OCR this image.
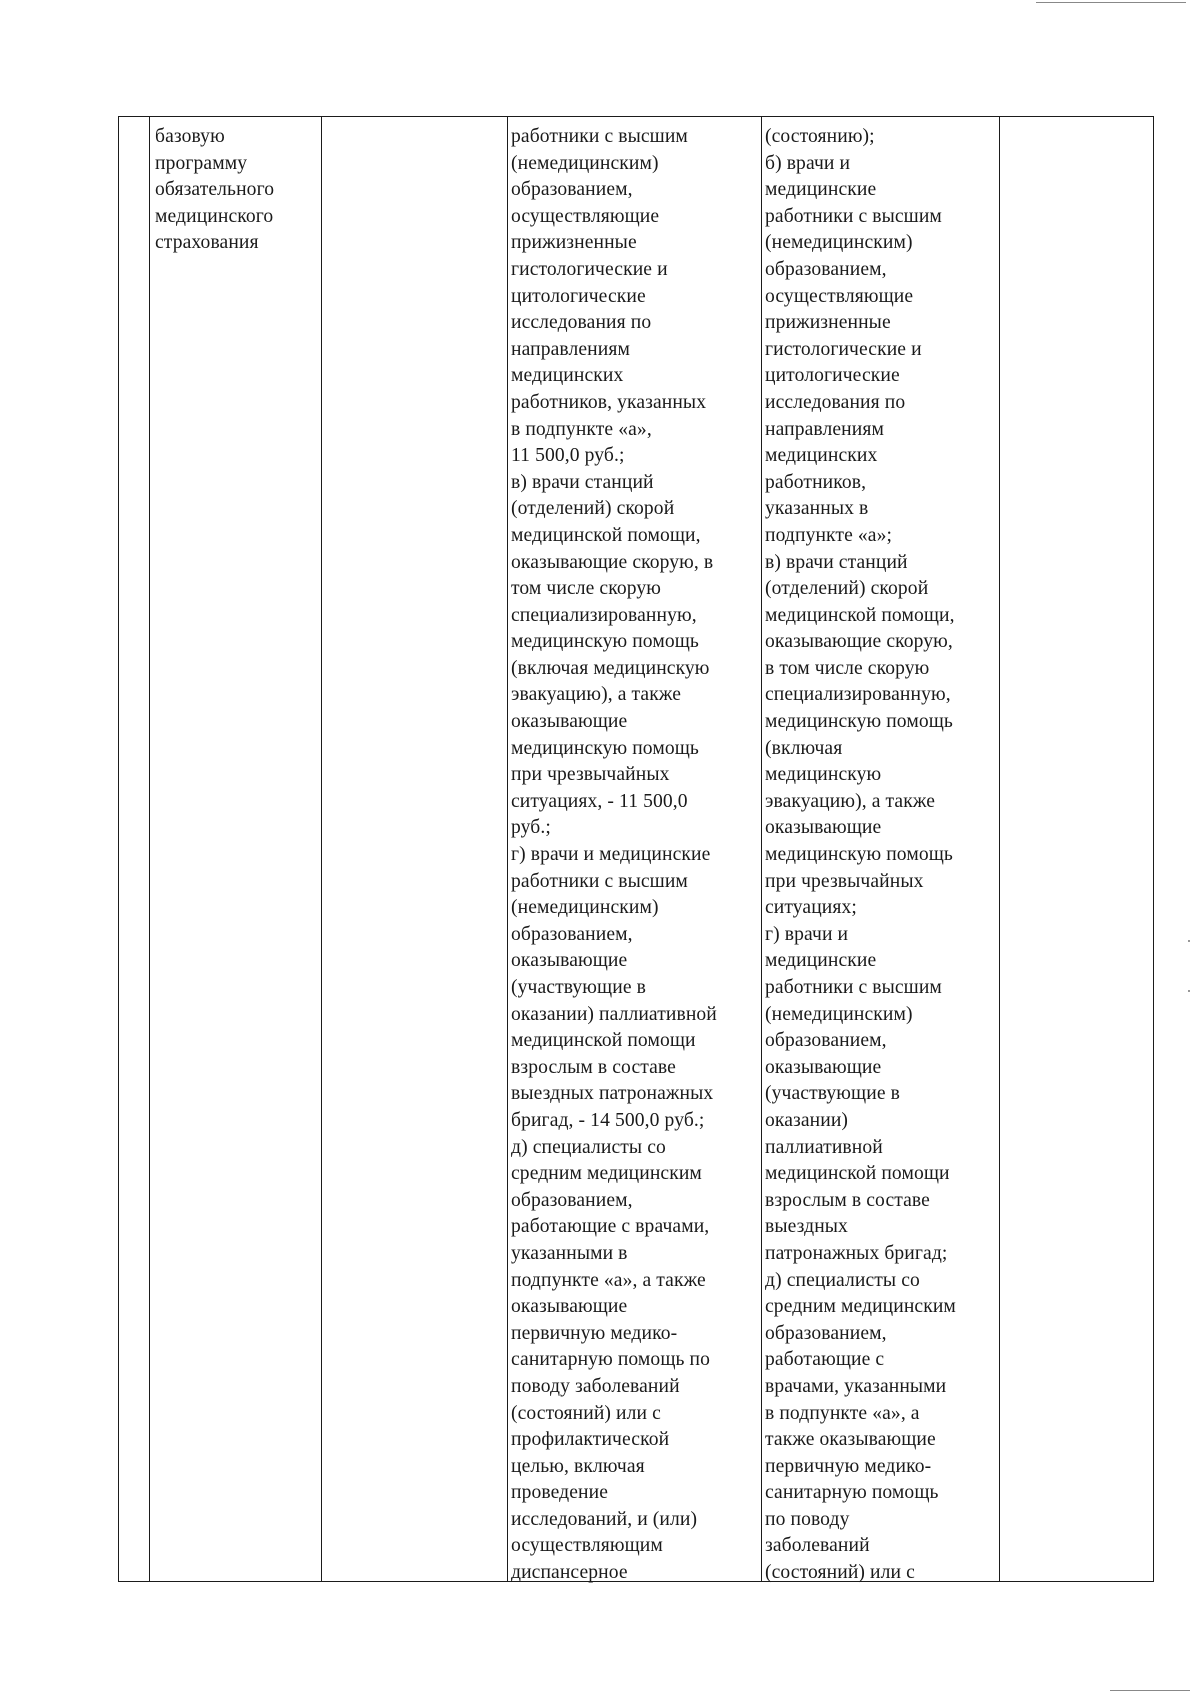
базовую
программу
обязательного
медицинского
страхования
работники с высшим
(немедицинским)
образованием,
осуществляющие
прижизненные
гистологические и
цитологические
исследования по
направлениям
медицинских
работников, указанных
в подпункте «а»,
11 500,0 руб.;
в) врачи станций
(отделений) скорой
медицинской помощи,
оказывающие скорую, в
том числе скорую
специализированную,
медицинскую помощь
(включая медицинскую
эвакуацию), а также
оказывающие
медицинскую помощь
при чрезвычайных
ситуациях, - 11 500,0
руб.;
г) врачи и медицинские
работники с высшим
(немедицинским)
образованием,
оказывающие
(участвующие в
оказании) паллиативной
медицинской помощи
взрослым в составе
выездных патронажных
бригад, - 14 500,0 руб.;
д) специалисты со
средним медицинским
образованием,
работающие с врачами,
указанными в
подпункте «а», а также
оказывающие
первичную медико-
санитарную помощь по
поводу заболеваний
(состояний) или с
профилактической
целью, включая
проведение
исследований, и (или)
осуществляющим
диспансерное
(состоянию);
б) врачи и
медицинские
работники с высшим
(немедицинским)
образованием,
осуществляющие
прижизненные
гистологические и
цитологические
исследования по
направлениям
медицинских
работников,
указанных в
подпункте «а»;
в) врачи станций
(отделений) скорой
медицинской помощи,
оказывающие скорую,
в том числе скорую
специализированную,
медицинскую помощь
(включая
медицинскую
эвакуацию), а также
оказывающие
медицинскую помощь
при чрезвычайных
ситуациях;
г) врачи и
медицинские
работники с высшим
(немедицинским)
образованием,
оказывающие
(участвующие в
оказании)
паллиативной
медицинской помощи
взрослым в составе
выездных
патронажных бригад;
д) специалисты со
средним медицинским
образованием,
работающие с
врачами, указанными
в подпункте «а», а
также оказывающие
первичную медико-
санитарную помощь
по поводу
заболеваний
(состояний) или с
